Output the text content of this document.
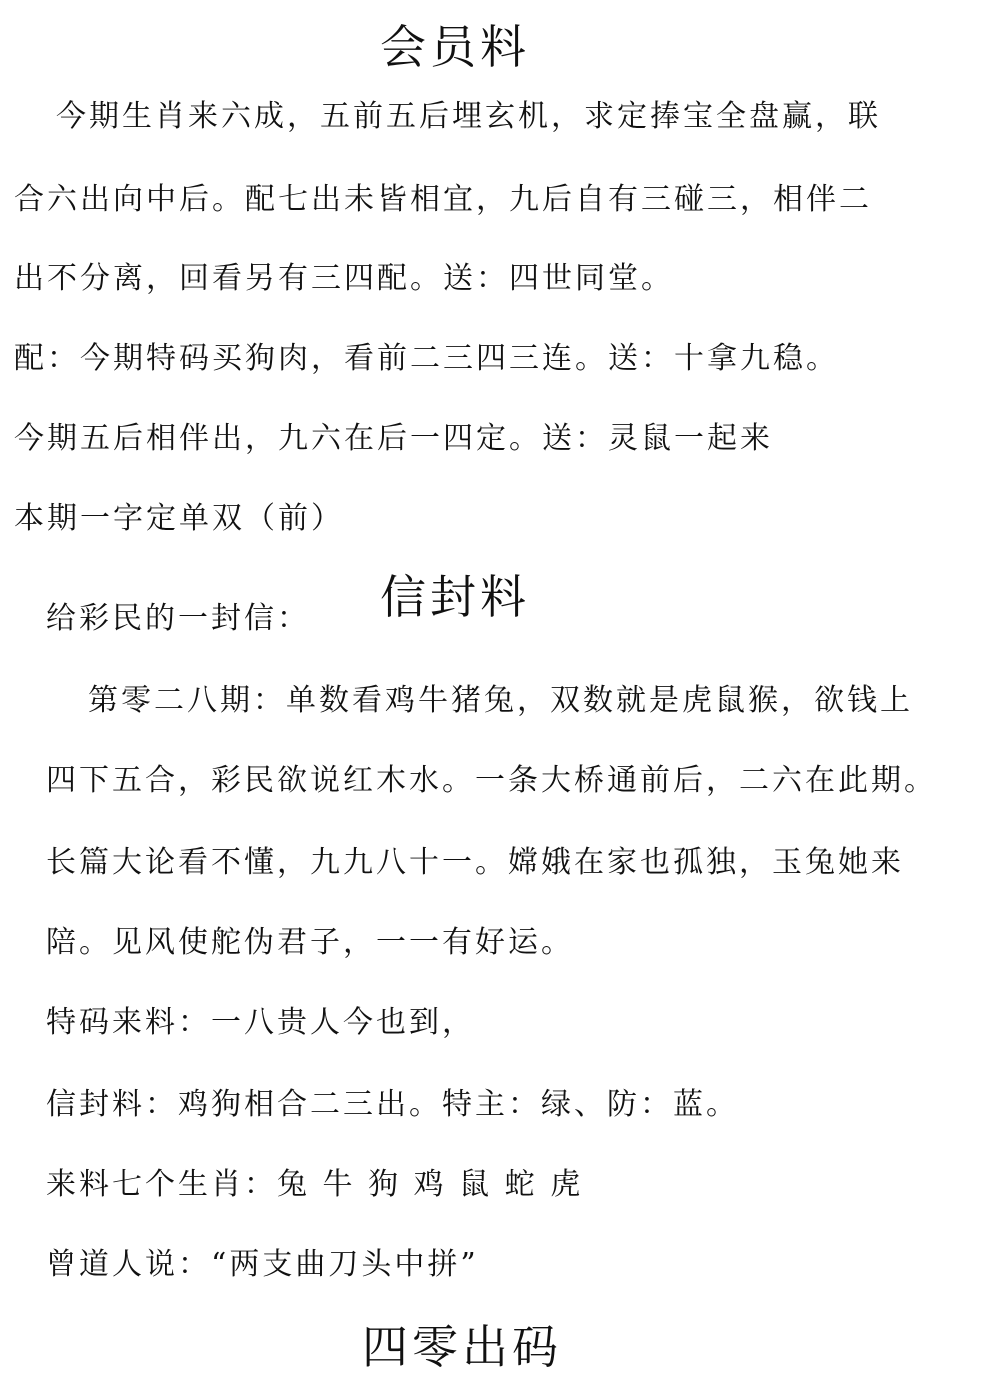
会员料
今期生肖来六成，五前五后埋玄机，求定捧宝全盘赢，联
合六出向中后。配七出未皆相宜，九后自有三碰三，相伴二
出不分离，回看另有三四配。送：四世同堂。
配：今期特码买狗肉，看前二三四三连。送：十拿九稳。
今期五后相伴出，九六在后一四定。送：灵鼠一起来
本期一字定单双（前）
给彩民的一封信： 信封料
第零二八期：单数看鸡牛猪兔，双数就是虎鼠猴，欲钱上
四下五合，彩民欲说红木水。一条大桥通前后，二六在此期。
长篇大论看不懂，九九八十一。嫦娥在家也孤独，玉兔她来
陪。见风使舵伪君子，一一有好运。
特码来料：一八贵人今也到，
信封料：鸡狗相合二三出。特主：绿、防：蓝。
来料七个生肖：兔 牛 狗 鸡 鼠 蛇 虎
曾道人说：“两支曲刀头中拼”
四零出码
